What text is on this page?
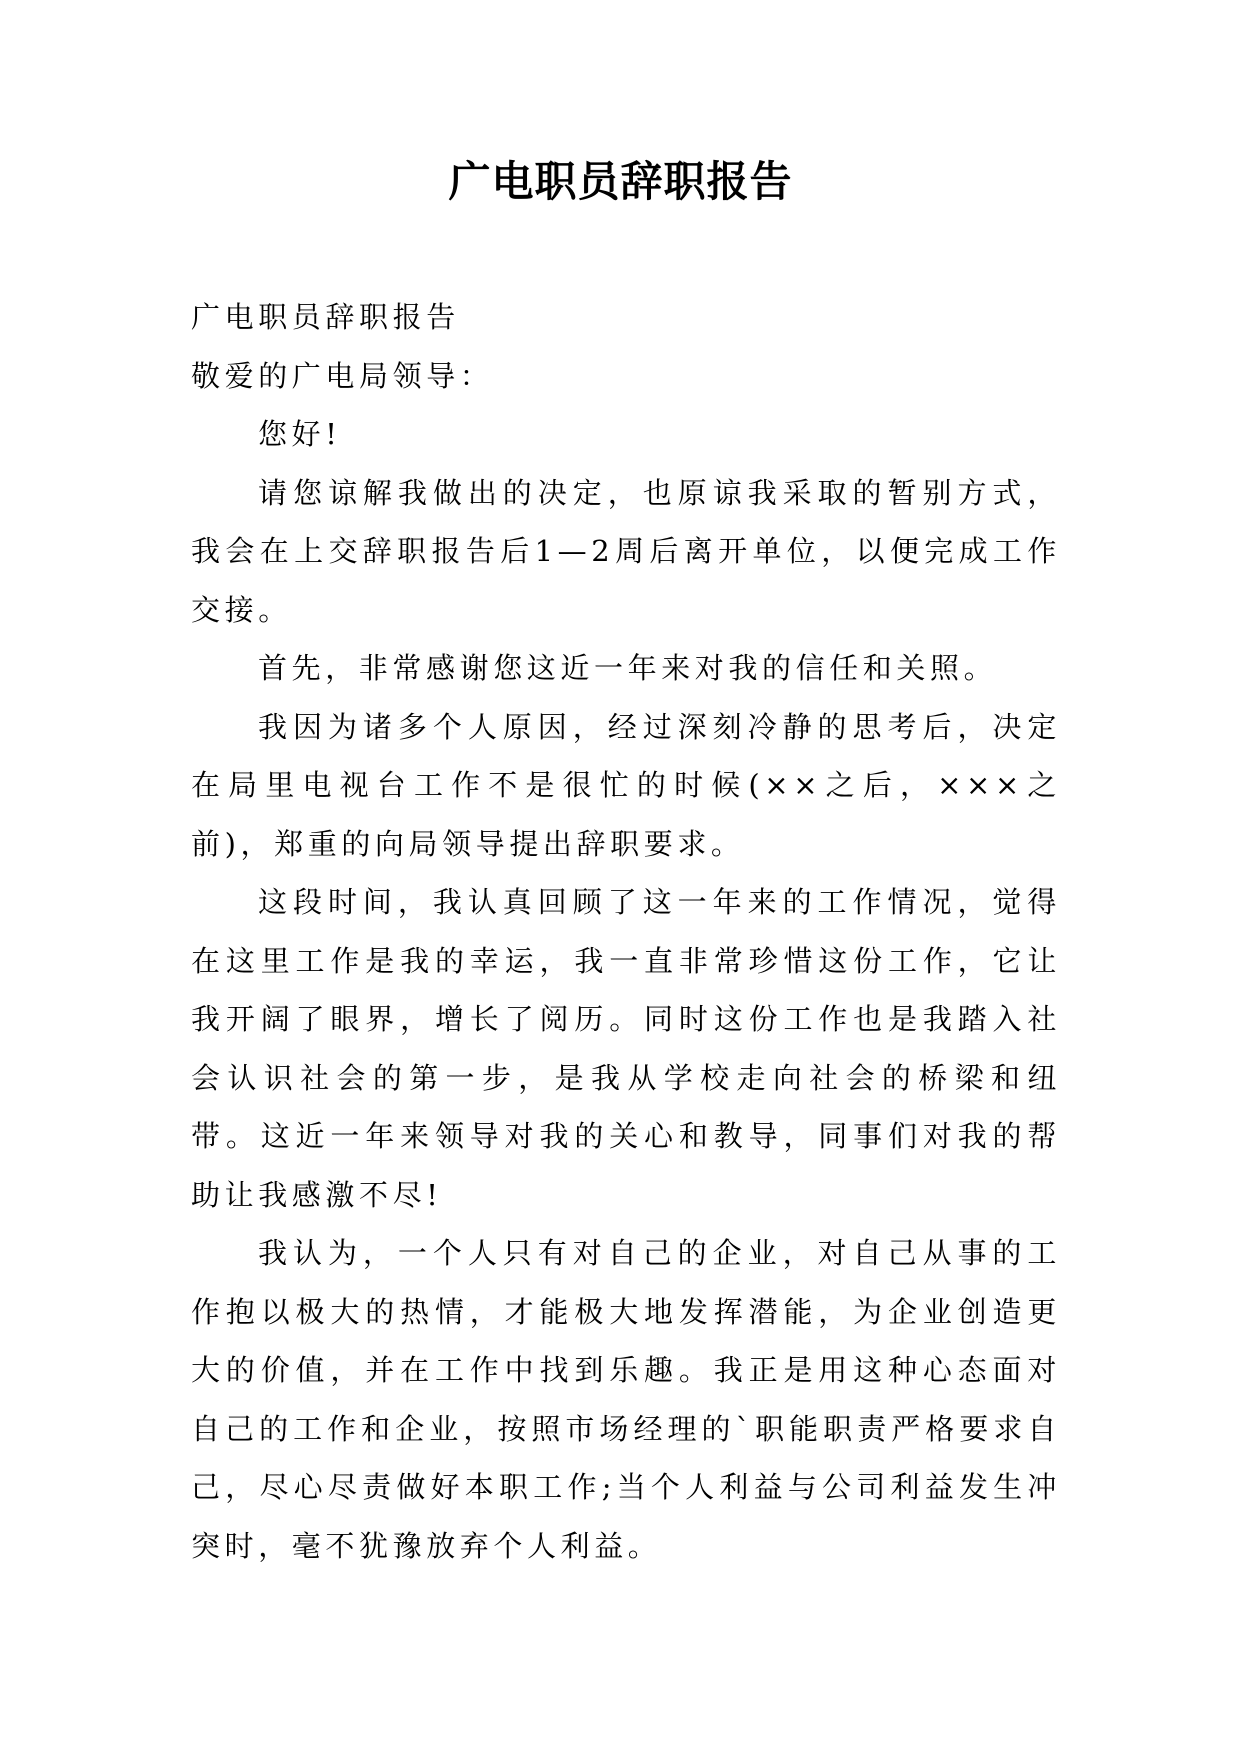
广电职员辞职报告
广电职员辞职报告
敬爱的广电局领导：

您好!

请您谅解我做出的决定，也原谅我采取的暂别方式，我会在上交辞职报告后1—2周后离开单位，以便完成工作交接。

首先，非常感谢您这近一年来对我的信任和关照。

我因为诸多个人原因，经过深刻冷静的思考后，决定在局里电视台工作不是很忙的时候(××之后，×××之前)，郑重的向局领导提出辞职要求。

这段时间，我认真回顾了这一年来的工作情况，觉得在这里工作是我的幸运，我一直非常珍惜这份工作，它让我开阔了眼界，增长了阅历。同时这份工作也是我踏入社会认识社会的第一步，是我从学校走向社会的桥梁和纽带。这近一年来领导对我的关心和教导，同事们对我的帮助让我感激不尽!

我认为，一个人只有对自己的企业，对自己从事的工作抱以极大的热情，才能极大地发挥潜能，为企业创造更大的价值，并在工作中找到乐趣。我正是用这种心态面对自己的工作和企业，按照市场经理的`职能职责严格要求自己，尽心尽责做好本职工作;当个人利益与公司利益发生冲突时，毫不犹豫放弃个人利益。
